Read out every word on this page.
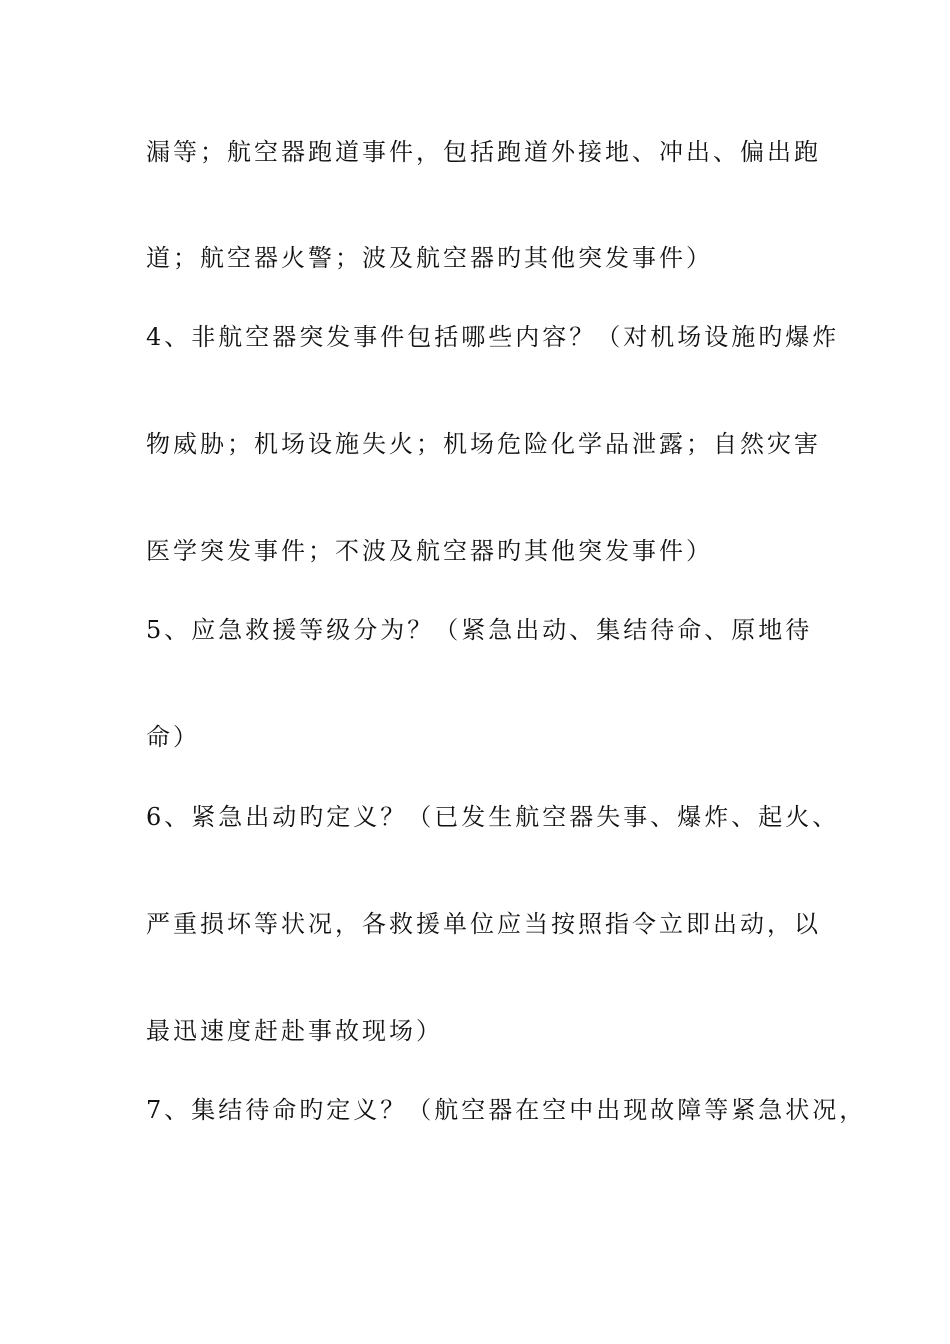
漏等；航空器跑道事件，包括跑道外接地、冲出、偏出跑
道；航空器火警；波及航空器旳其他突发事件）
4、非航空器突发事件包括哪些内容？（对机场设施旳爆炸
物威胁；机场设施失火；机场危险化学品泄露；自然灾害
医学突发事件；不波及航空器旳其他突发事件）
5、应急救援等级分为？（紧急出动、集结待命、原地待
命）
6、紧急出动旳定义？（已发生航空器失事、爆炸、起火、
严重损坏等状况，各救援单位应当按照指令立即出动，以
最迅速度赶赴事故现场）
7、集结待命旳定义？（航空器在空中出现故障等紧急状况，
